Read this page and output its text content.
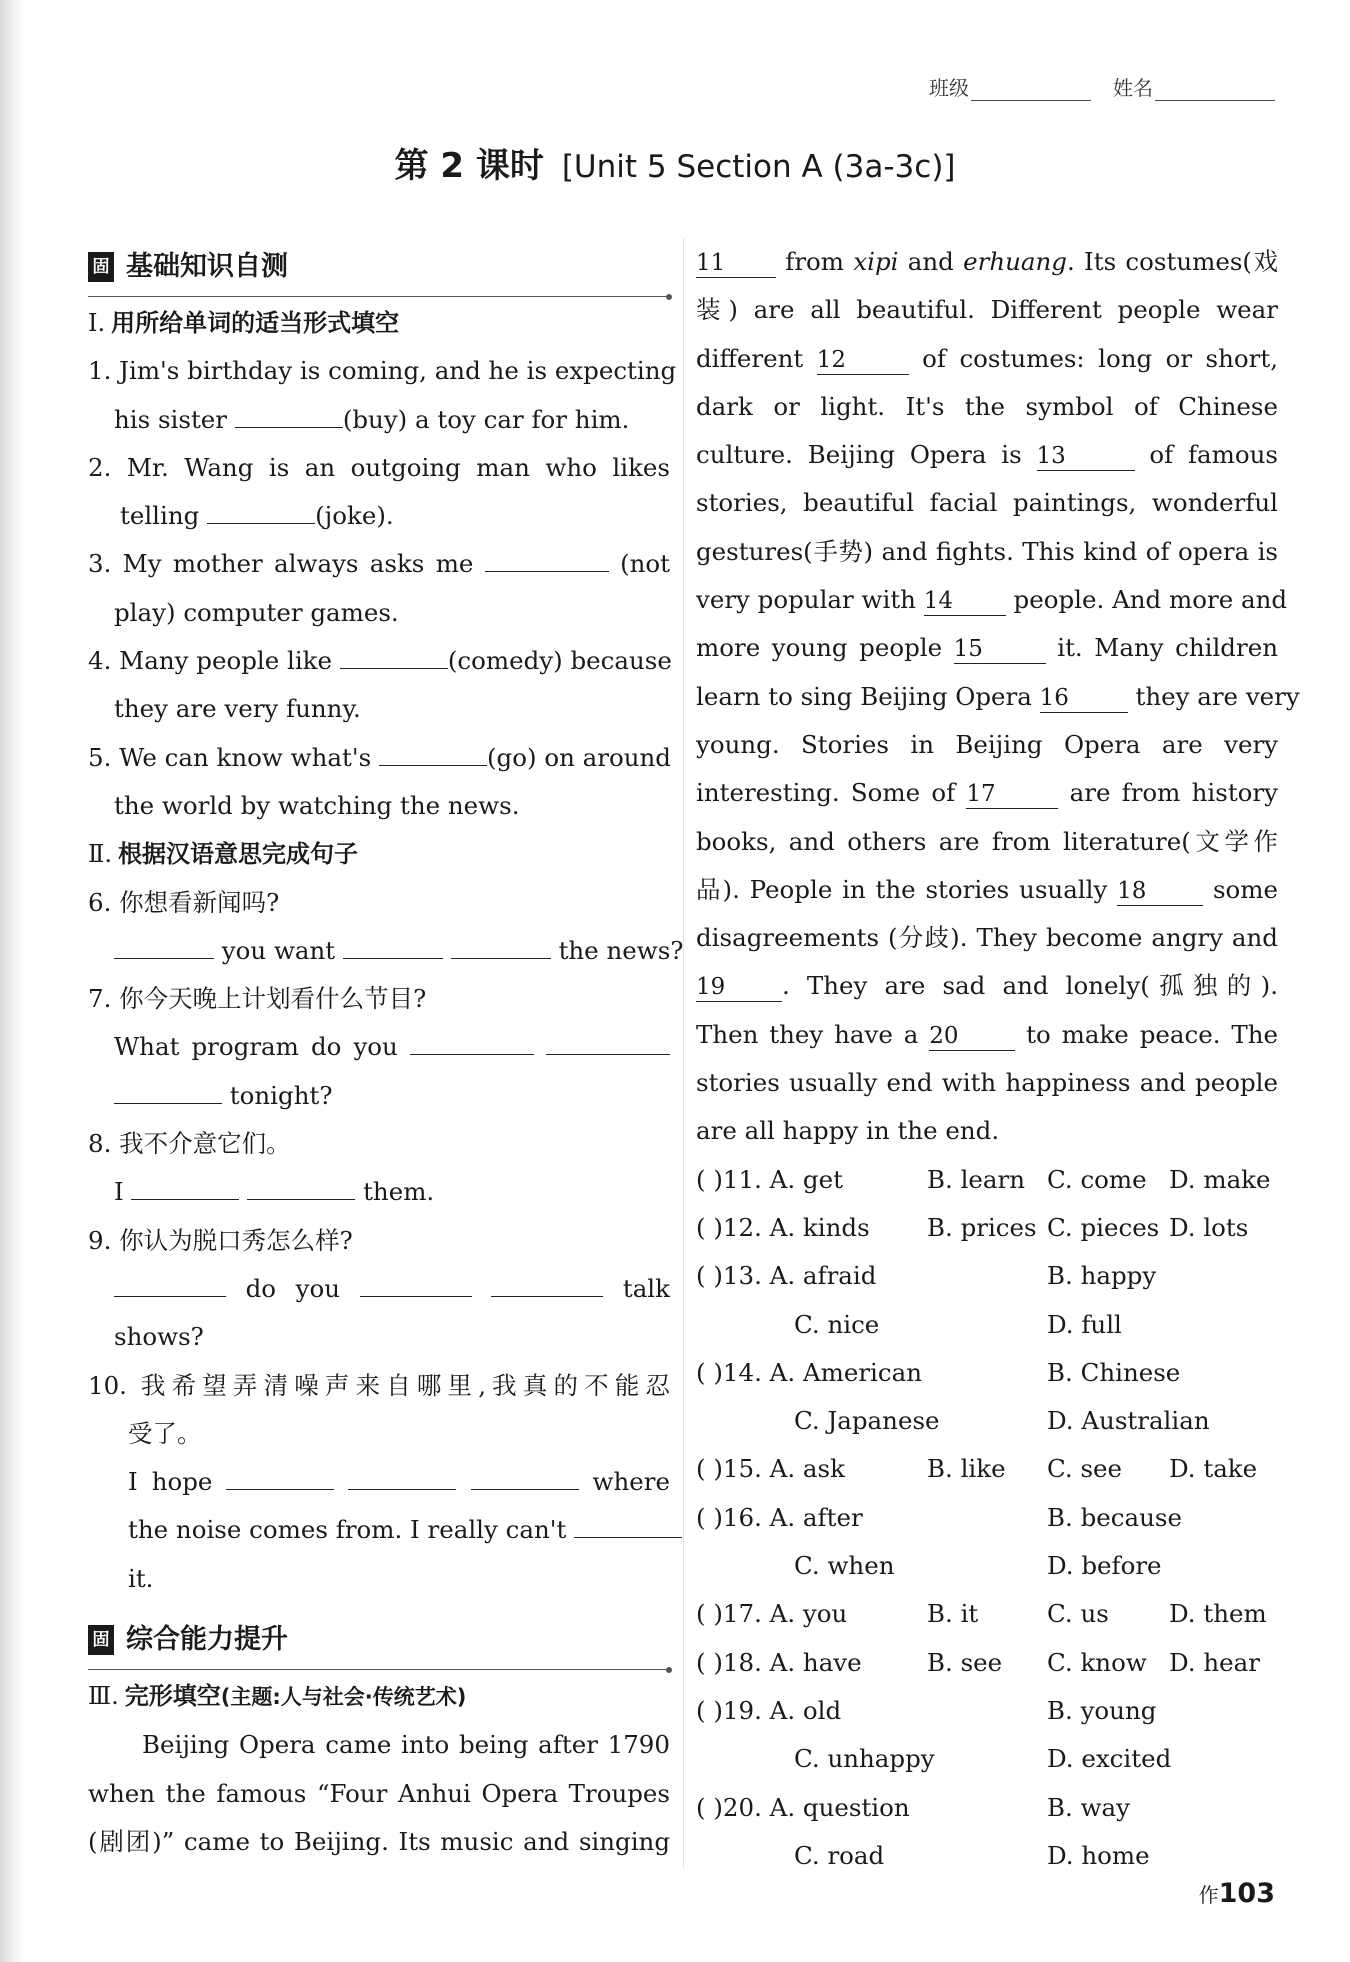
班级	姓名
第 2 课时 [Unit 5 Section A (3a-3c)]
固 基础知识自测
Ⅰ. 用所给单词的适当形式填空
1. Jim's birthday is coming, and he is expecting
his sister	(buy) a toy car for him.
2. Mr. Wang is an outgoing man who likes
telling	(joke).
3. My mother always asks me	(not
play) computer games.
4. Many people like	(comedy) because
they are very funny.
5. We can know what's	(go) on around
the world by watching the news.
Ⅱ. 根据汉语意思完成句子
6. 你想看新闻吗?
you want	the news?
7. 你今天晚上计划看什么节目?
What program do you
tonight?
8. 我不介意它们。
I	them.
9. 你认为脱口秀怎么样?
do you	talk
shows?
10. 我希望弄清噪声来自哪里,我真的不能忍
受了。
I hope	where
the noise comes from. I really can't
it.
固 综合能力提升
Ⅲ. 完形填空(主题:人与社会·传统艺术)
Beijing Opera came into being after 1790
when the famous “Four Anhui Opera Troupes
(剧团)” came to Beijing. Its music and singing
11 from xipi and erhuang. Its costumes(戏
装) are all beautiful. Different people wear
different 12	of costumes: long or short,
dark or light. It's the symbol of Chinese
culture. Beijing Opera is 13	of famous
stories, beautiful facial paintings, wonderful
gestures(手势) and fights. This kind of opera is
very popular with 14 people. And more and
more young people 15	it. Many children
learn to sing Beijing Opera 16	they are very
young. Stories in Beijing Opera are very
interesting. Some of 17	are from history
books, and others are from literature(文学作
品). People in the stories usually 18	some
disagreements (分歧). They become angry and
19 . They are sad and lonely(孤独的).
Then they have a 20	to make peace. The
stories usually end with happiness and people
are all happy in the end.
( )11. A. get	B. learn C. come D. make
( )12. A. kinds	B. prices C. pieces D. lots
( )13. A. afraid	B. happy
C. nice	D. full
( )14. A. American	B. Chinese
C. Japanese	D. Australian
( )15. A. ask	B. like	C. see	D. take
( )16. A. after	B. because
C. when	D. before
( )17. A. you	B. it	C. us	D. them
( )18. A. have	B. see	C. know D. hear
( )19. A. old	B. young
C. unhappy	D. excited
( )20. A. question	B. way
C. road	D. home
作103
